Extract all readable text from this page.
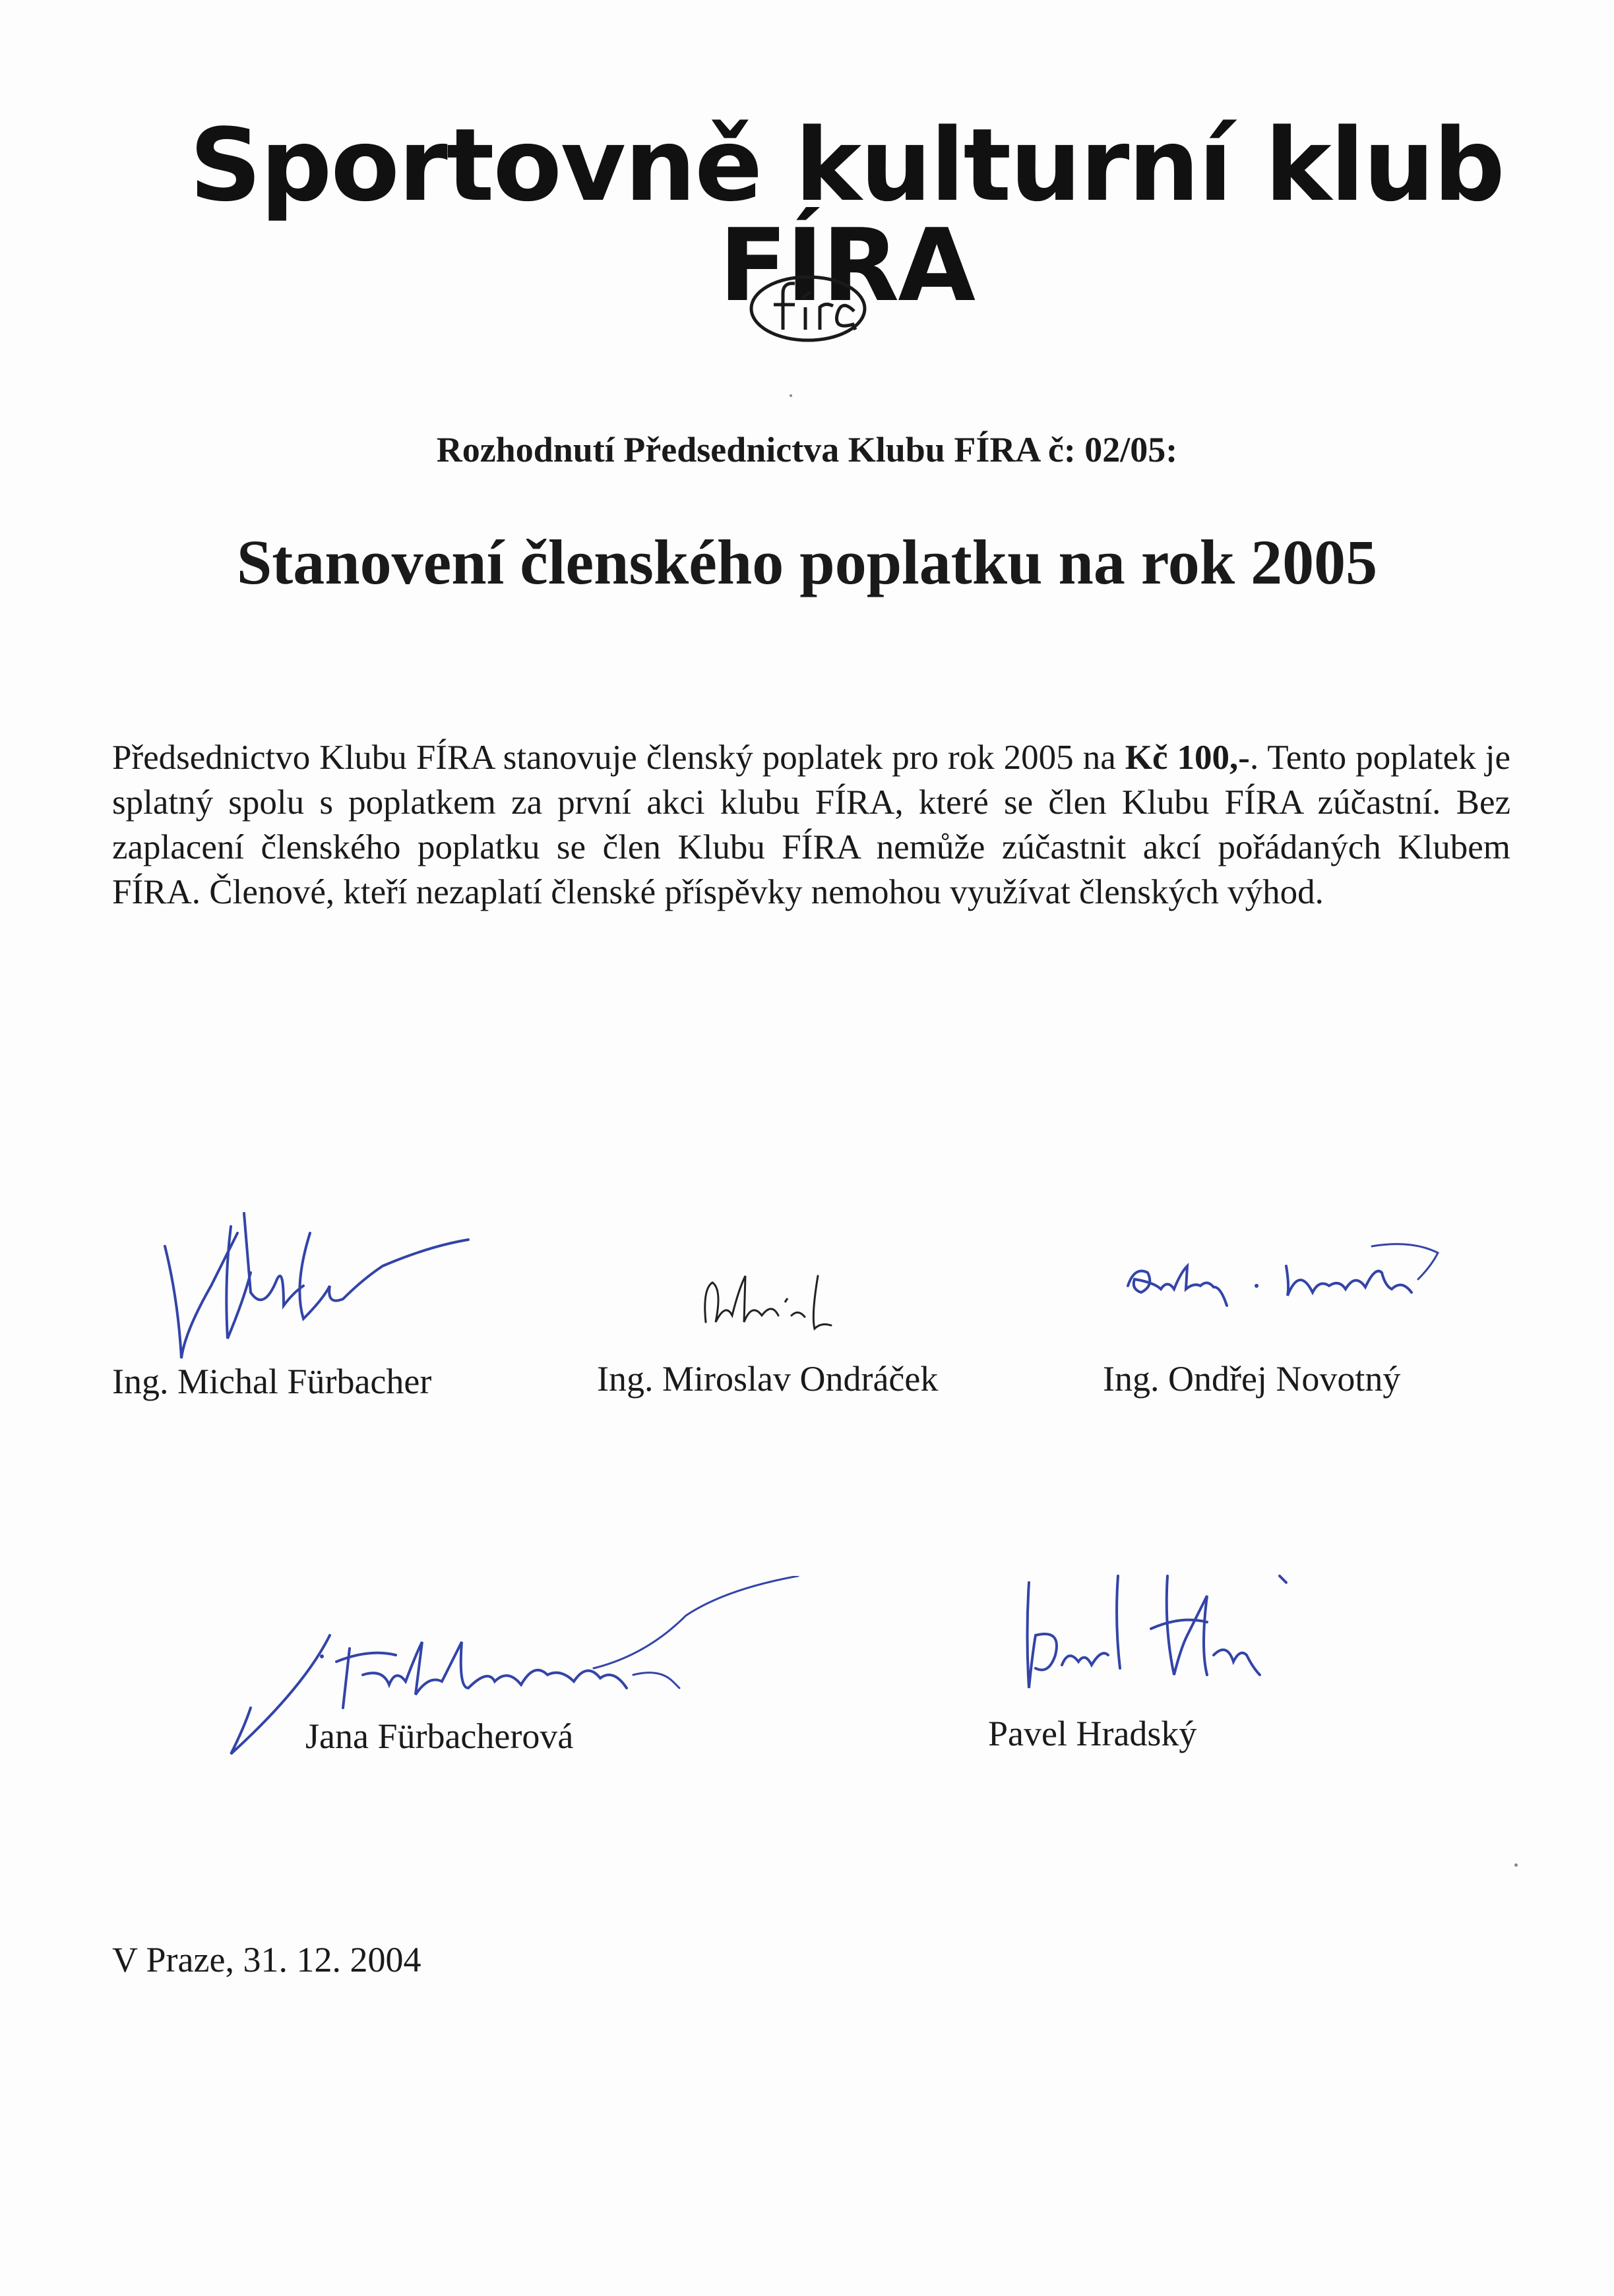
Sportovně kulturní klub FÍRA
Rozhodnutí Předsednictva Klubu FÍRA č: 02/05:
Stanovení členského poplatku na rok 2005
Předsednictvo Klubu FÍRA stanovuje členský poplatek pro rok 2005 na Kč 100,-. Tento poplatek je splatný spolu s poplatkem za první akci klubu FÍRA, které se člen Klubu FÍRA zúčastní. Bez zaplacení členského poplatku se člen Klubu FÍRA nemůže zúčastnit akcí pořádaných Klubem FÍRA. Členové, kteří nezaplatí členské příspěvky nemohou využívat členských výhod.
Ing. Michal Fürbacher	Ing. Miroslav Ondráček	Ing. Ondřej Novotný
Jana Fürbacherová	Pavel Hradský
V Praze, 31. 12. 2004
